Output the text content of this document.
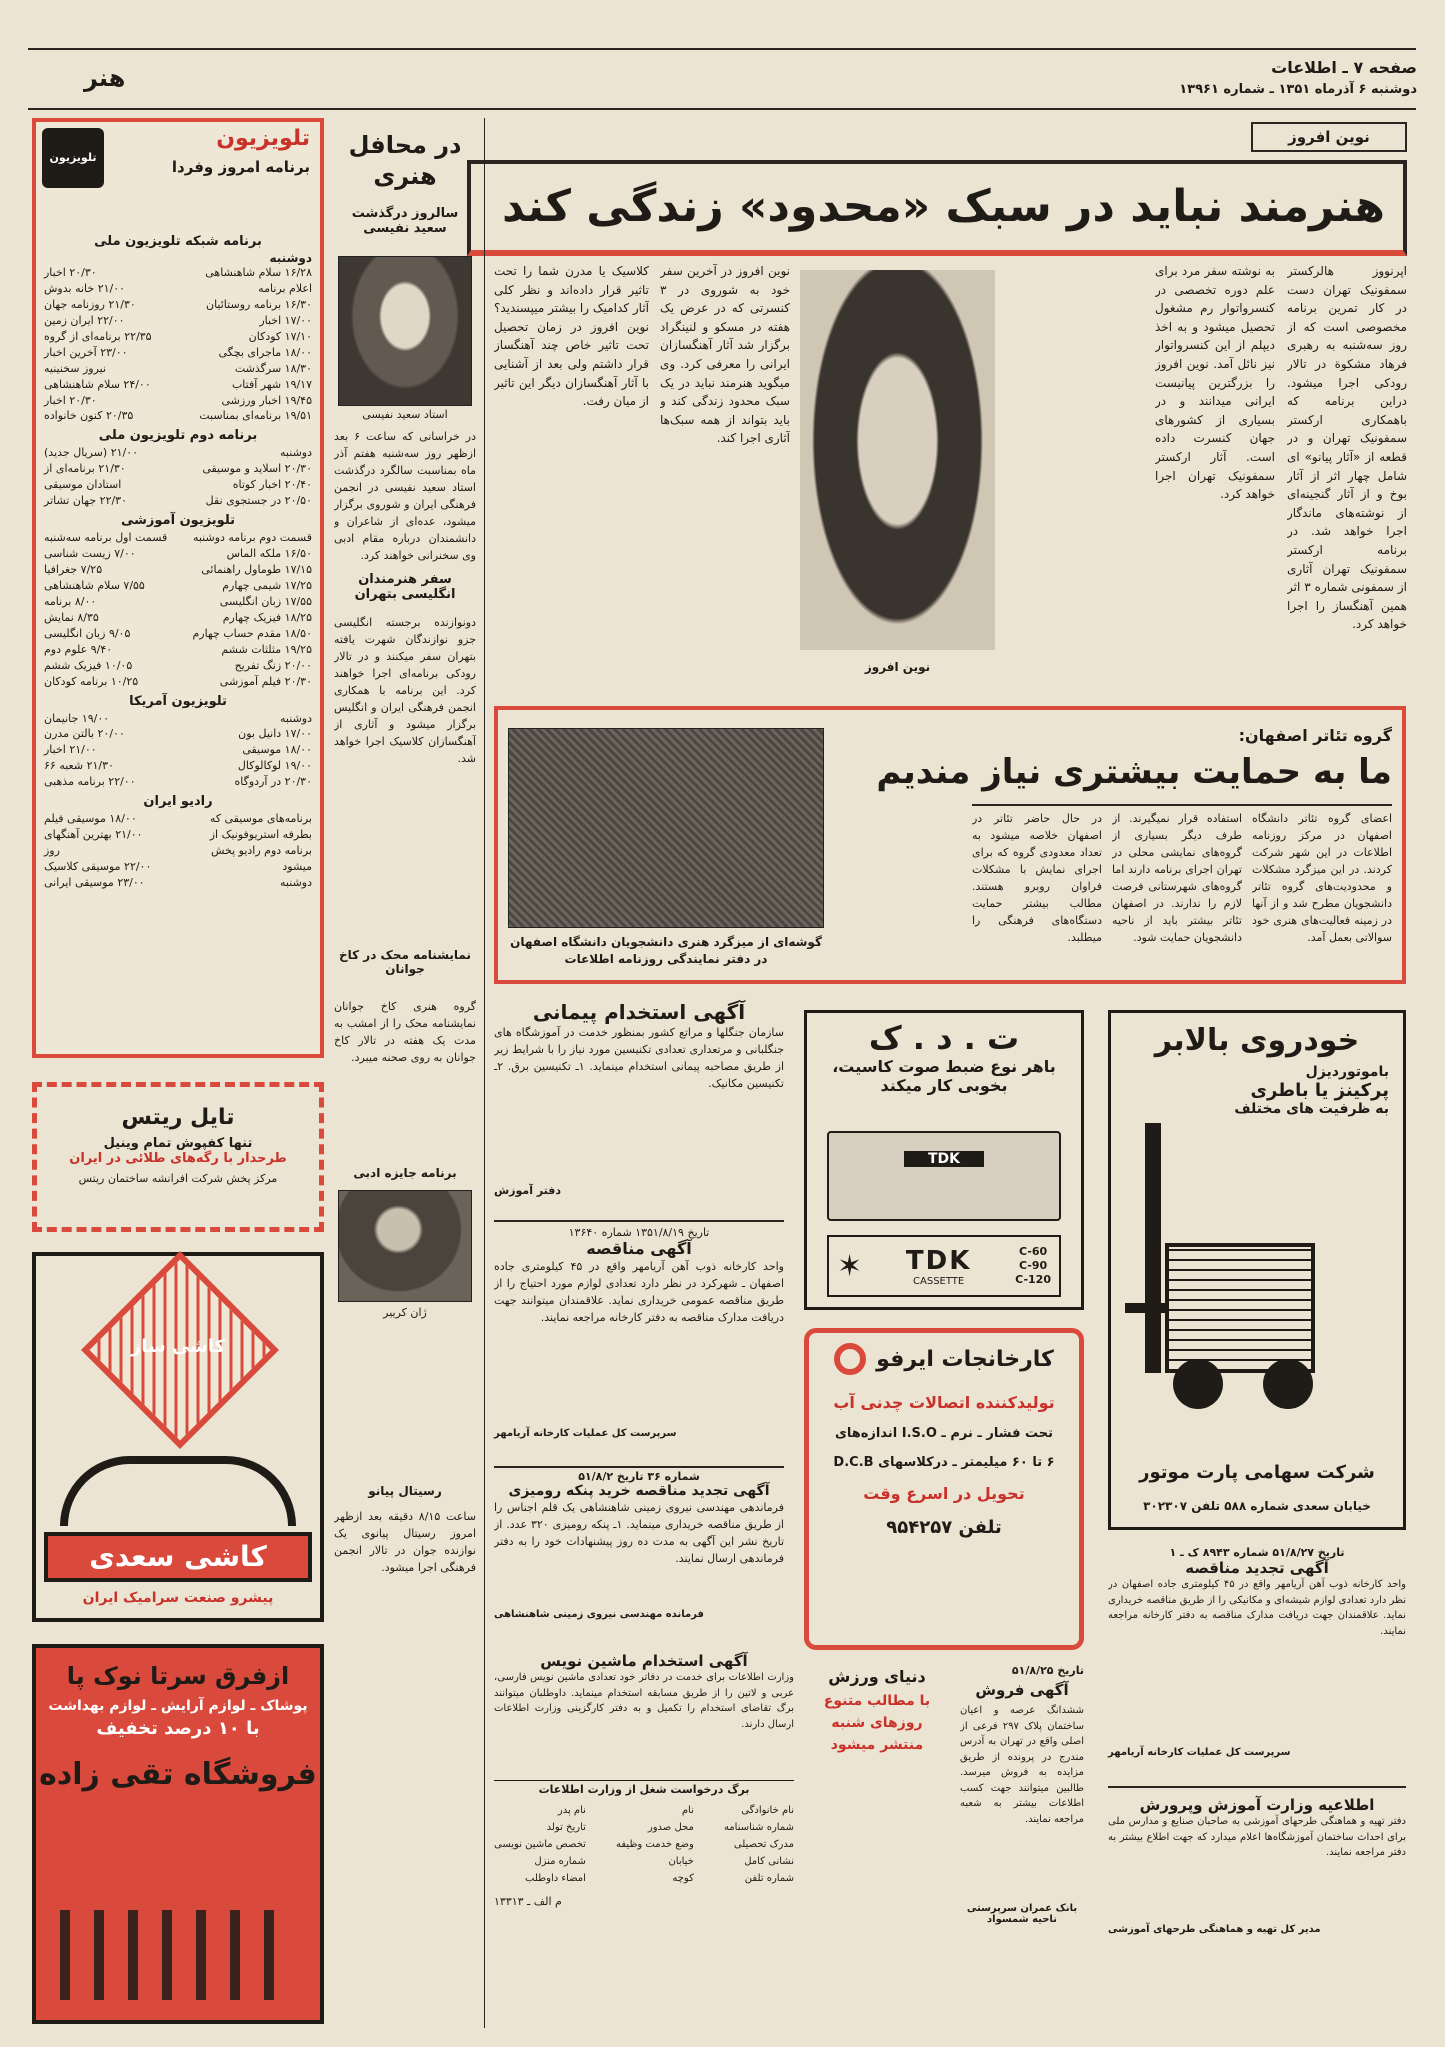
صفحه ۷ ـ اطلاعات
دوشنبه ۶ آذرماه ۱۳۵۱ ـ شماره ۱۳۹۶۱
هنر
نوین افروز
هنرمند نباید در سبک «محدود» زندگی کند
اپرنووز هالرکستر سمفونیک تهران دست در کار تمرین برنامه مخصوصی است که از روز سه‌شنبه به رهبری فرهاد مشکوة در تالار رودکی اجرا میشود. دراین برنامه که باهمکاری ارکستر سمفونیک تهران و در قطعه از «آثار پیانو» ای شامل چهار اثر از آثار بوخ و از آثار گنجینه‌ای از نوشته‌های ماندگار اجرا خواهد شد. در برنامه ارکستر سمفونیک تهران آثاری از سمفونی شماره ۳ اثر همین آهنگساز را اجرا خواهد کرد.
به نوشته سفر مرد برای علم دوره تخصصی در کنسرواتوار رم مشغول تحصیل میشود و به اخذ دیپلم از این کنسرواتوار نیز نائل آمد. نوین افروز را بزرگترین پیانیست ایرانی میدانند و در بسیاری از کشورهای جهان کنسرت داده است. آثار ارکستر سمفونیک تهران اجرا خواهد کرد.
نوین افروز
نوین افروز در آخرین سفر خود به شوروی در ۳ کنسرتی که در عرض یک هفته در مسکو و لنینگراد برگزار شد آثار آهنگسازان ایرانی را معرفی کرد. وی میگوید هنرمند نباید در یک سبک محدود زندگی کند و باید بتواند از همه سبک‌ها آثاری اجرا کند.
کلاسیک یا مدرن شما را تحت تاثیر قرار داده‌اند و نظر کلی آثار کدامیک را بیشتر میپسندید؟ نوین افروز در زمان تحصیل تحت تاثیر خاص چند آهنگساز قرار داشتم ولی بعد از آشنایی با آثار آهنگسازان دیگر این تاثیر از میان رفت.
در محافل هنری
سالروز درگذشت سعید نفیسی
استاد سعید نفیسی
در خراسانی که ساعت ۶ بعد ازظهر روز سه‌شنبه هفتم آذر ماه بمناسبت سالگرد درگذشت استاد سعید نفیسی در انجمن فرهنگی ایران و شوروی برگزار میشود، عده‌ای از شاعران و دانشمندان درباره مقام ادبی وی سخنرانی خواهند کرد.
سفر هنرمندان انگلیسی بتهران
دونوازنده برجسته انگلیسی جزو نوازندگان شهرت یافته بتهران سفر میکنند و در تالار رودکی برنامه‌ای اجرا خواهند کرد. این برنامه با همکاری انجمن فرهنگی ایران و انگلیس برگزار میشود و آثاری از آهنگسازان کلاسیک اجرا خواهد شد.
نمایشنامه محک در کاخ جوانان
گروه هنری کاخ جوانان نمایشنامه محک را از امشب به مدت یک هفته در تالار کاخ جوانان به روی صحنه میبرد.
برنامه جایزه ادبی
ژان کرییر
رسیتال پیانو
ساعت ۸/۱۵ دقیقه بعد ازظهر امروز رسیتال پیانوی یک نوازنده جوان در تالار انجمن فرهنگی اجرا میشود.
تلویزیون
تلویزیون
برنامه امروز وفردا
برنامه شبکه تلویزیون ملی
دوشنبه
۱۶/۲۸ سلام شاهنشاهی
۲۰/۳۰ اخبار
اعلام برنامه
۲۱/۰۰ خانه بدوش
۱۶/۳۰ برنامه روستائیان
۲۱/۳۰ روزنامه جهان
۱۷/۰۰ اخبار
۲۲/۰۰ ایران زمین
۱۷/۱۰ کودکان
۲۲/۳۵ برنامه‌ای از گروه
۱۸/۰۰ ماجرای بچگی
۲۳/۰۰ آخرین اخبار
۱۸/۳۰ سرگذشت
نیروز سخنینیه
۱۹/۱۷ شهر آفتاب
۲۴/۰۰ سلام شاهنشاهی
۱۹/۴۵ اخبار ورزشی
۲۰/۳۰ اخبار
۱۹/۵۱ برنامه‌ای بمناسبت
۲۰/۳۵ کنون خانواده
برنامه دوم تلویزیون ملی
دوشنبه
۲۱/۰۰ (سریال جدید)
۲۰/۳۰ اسلاید و موسیقی
۲۱/۳۰ برنامه‌ای از
۲۰/۴۰ اخبار کوتاه
استادان موسیقی
۲۰/۵۰ در جستجوی نقل
۲۲/۳۰ جهان تشاتر
تلویزیون آموزشی
قسمت دوم برنامه دوشنبه
قسمت اول برنامه سه‌شنبه
۱۶/۵۰ ملکه الماس
۷/۰۰ زیست شناسی
۱۷/۱۵ طوماول راهنمائی
۷/۲۵ جغرافیا
۱۷/۲۵ شیمی چهارم
۷/۵۵ سلام شاهنشاهی
۱۷/۵۵ زبان انگلیسی
۸/۰۰ برنامه
۱۸/۲۵ فیزیک چهارم
۸/۳۵ نمایش
۱۸/۵۰ مقدم حساب چهارم
۹/۰۵ زبان انگلیسی
۱۹/۲۵ مثلثات ششم
۹/۴۰ علوم دوم
۲۰/۰۰ زنگ تفریح
۱۰/۰۵ فیزیک ششم
۲۰/۳۰ فیلم آموزشی
۱۰/۲۵ برنامه کودکان
تلویزیون آمریکا
دوشنبه
۱۹/۰۰ جانیمان
۱۷/۰۰ دانیل بون
۲۰/۰۰ بالتن مدرن
۱۸/۰۰ موسیقی
۲۱/۰۰ اخبار
۱۹/۰۰ لوکالوکال
۲۱/۳۰ شعبه ۶۶
۲۰/۳۰ در آردوگاه
۲۲/۰۰ برنامه مذهبی
رادیو ایران
برنامه‌های موسیقی که
۱۸/۰۰ موسیقی فیلم
بطرفه استریوفونیک از
۲۱/۰۰ بهترین آهنگهای
برنامه دوم رادیو پخش
روز
میشود
۲۲/۰۰ موسیقی کلاسیک
دوشنبه
۲۳/۰۰ موسیقی ایرانی
گروه تئاتر اصفهان:
ما به حمایت بیشتری نیاز مندیم
اعضای گروه تئاتر دانشگاه اصفهان در مرکز روزنامه اطلاعات در این شهر شرکت کردند. در این میزگرد مشکلات و محدودیت‌های گروه تئاتر دانشجویان مطرح شد و از آنها در زمینه فعالیت‌های هنری خود سوالاتی بعمل آمد.
استفاده قرار نمیگیرند. از طرف دیگر بسیاری از گروه‌های نمایشی محلی در تهران اجرای برنامه دارند اما گروه‌های شهرستانی فرصت لازم را ندارند. در اصفهان تئاتر بیشتر باید از ناحیه دانشجویان حمایت شود.
در حال حاضر تئاتر در اصفهان خلاصه میشود به تعداد معدودی گروه که برای اجرای نمایش با مشکلات فراوان روبرو هستند. مطالب بیشتر حمایت دستگاه‌های فرهنگی را میطلبد.
گوشه‌ای از میزگرد هنری دانشجویان دانشگاه اصفهان در دفتر نمایندگی روزنامه اطلاعات
تایل ریتس
تنها کفپوش تمام وینیل
طرحدار با رگه‌های طلائی در ایران
مرکز پخش شرکت افرانشه ساختمان ریتس
کاشی ساز
کاشی سعدی
پیشرو صنعت سرامیک ایران
ازفرق سرتا نوک پا
پوشاک ـ لوازم آرایش ـ لوازم بهداشت
با ۱۰ درصد تخفیف
فروشگاه تقی زاده
آگهی استخدام پیمانی
سازمان جنگلها و مراتع کشور بمنظور خدمت در آموزشگاه های جنگلبانی و مرتعداری تعدادی تکنیسین مورد نیاز را با شرایط زیر از طریق مصاحبه پیمانی استخدام مینماید. ۱ـ تکنیسین برق. ۲ـ تکنیسین مکانیک.
دفتر آموزش
تاریخ ۱۳۵۱/۸/۱۹ شماره ۱۳۶۴۰
آگهی مناقصه
واحد کارخانه ذوب آهن آریامهر واقع در ۴۵ کیلومتری جاده اصفهان ـ شهرکرد در نظر دارد تعدادی لوازم مورد احتیاج را از طریق مناقصه عمومی خریداری نماید. علاقمندان میتوانند جهت دریافت مدارک مناقصه به دفتر کارخانه مراجعه نمایند.
سرپرست کل عملیات کارخانه آریامهر
شماره ۳۶ تاریخ ۵۱/۸/۲
آگهی تجدید مناقصه خرید پنکه رومیزی
فرماندهی مهندسی نیروی زمینی شاهنشاهی یک قلم اجناس را از طریق مناقصه خریداری مینماید. ۱ـ پنکه رومیزی ۳۲۰ عدد. از تاریخ نشر این آگهی به مدت ده روز پیشنهادات خود را به دفتر فرماندهی ارسال نمایند.
فرمانده مهندسی نیروی زمینی شاهنشاهی
ت . د . ک
باهر نوع ضبط صوت کاسیت،
بخوبی کار میکند
TDK
✶ TDK
CASSETTE
C-60
C-90
C-120
کارخانجات ایرفو
تولیدکننده اتصالات چدنی آب
تحت فشار ـ نرم ـ I.S.O اندازه‌های
۶ تا ۶۰ میلیمتر ـ درکلاسهای D.C.B
تحویل در اسرع وقت
تلفن ۹۵۴۲۵۷
تاریخ ۵۱/۸/۲۵
آگهی فروش
ششدانگ عرصه و اعیان ساختمان پلاک ۲۹۷ فرعی از اصلی واقع در تهران به آدرس مندرج در پرونده از طریق مزایده به فروش میرسد. طالبین میتوانند جهت کسب اطلاعات بیشتر به شعبه مراجعه نمایند.
بانک عمران سرپرستی ناحیه شمسواد
دنیای ورزش
با مطالب متنوع
روزهای شنبه
منتشر میشود
آگهی استخدام ماشین نویس
وزارت اطلاعات برای خدمت در دفاتر خود تعدادی ماشین نویس فارسی، عربی و لاتین را از طریق مسابقه استخدام مینماید. داوطلبان میتوانند برگ تقاضای استخدام را تکمیل و به دفتر کارگزینی وزارت اطلاعات ارسال دارند.
برگ درخواست شغل از وزارت اطلاعات
نام خانوادگی
شماره شناسنامه
مدرک تحصیلی
نشانی کامل
شماره تلفن
نام
محل صدور
وضع خدمت وظیفه
خیابان
کوچه
نام پدر
تاریخ تولد
تخصص ماشین نویسی
شماره منزل
امضاء داوطلب
م الف ـ ۱۳۳۱۳
خودروی بالابر
باموتوردیزل
پرکینز یا باطری
به ظرفیت های مختلف
شرکت سهامی پارت موتور
خیابان سعدی شماره ۵۸۸ تلفن ۳۰۲۳۰۷
تاریخ ۵۱/۸/۲۷ شماره ۸۹۴۳ ک ـ ۱
آگهی تجدید مناقصه
واحد کارخانه ذوب آهن آریامهر واقع در ۴۵ کیلومتری جاده اصفهان در نظر دارد تعدادی لوازم شیشه‌ای و مکانیکی را از طریق مناقصه خریداری نماید. علاقمندان جهت دریافت مدارک مناقصه به دفتر کارخانه مراجعه نمایند.
سرپرست کل عملیات کارخانه آریامهر
اطلاعیه وزارت آموزش وپرورش
دفتر تهیه و هماهنگی طرحهای آموزشی به صاحبان صنایع و مدارس ملی برای احداث ساختمان آموزشگاه‌ها اعلام میدارد که جهت اطلاع بیشتر به دفتر مراجعه نمایند.
مدیر کل تهیه و هماهنگی طرحهای آموزشی
